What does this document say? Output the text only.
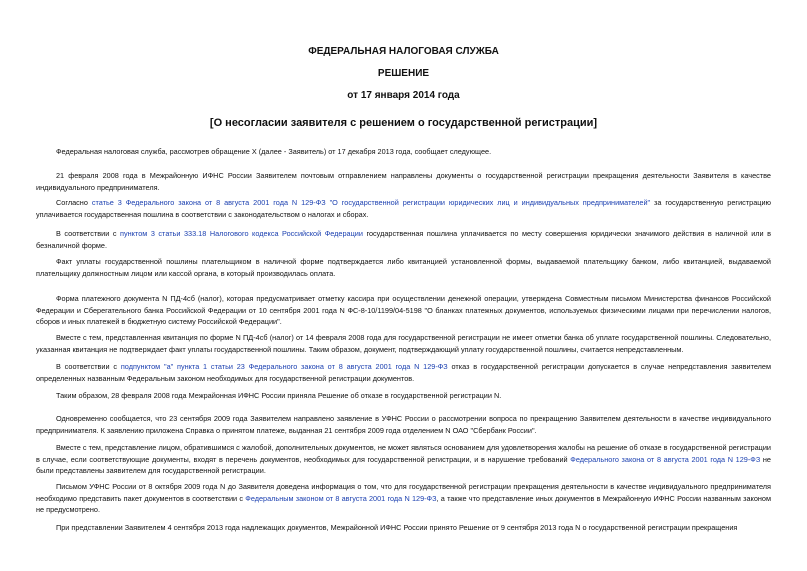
ФЕДЕРАЛЬНАЯ НАЛОГОВАЯ СЛУЖБА
РЕШЕНИЕ
от 17 января 2014 года
[О несогласии заявителя с решением о государственной регистрации]
Федеральная налоговая служба, рассмотрев обращение X (далее - Заявитель) от 17 декабря 2013 года, сообщает следующее.
21 февраля 2008 года в Межрайонную ИФНС России Заявителем почтовым отправлением направлены документы о государственной регистрации прекращения деятельности Заявителя в качестве индивидуального предпринимателя.
Согласно статье 3 Федерального закона от 8 августа 2001 года N 129-ФЗ "О государственной регистрации юридических лиц и индивидуальных предпринимателей" за государственную регистрацию уплачивается государственная пошлина в соответствии с законодательством о налогах и сборах.
В соответствии с пунктом 3 статьи 333.18 Налогового кодекса Российской Федерации государственная пошлина уплачивается по месту совершения юридически значимого действия в наличной или в безналичной форме.
Факт уплаты государственной пошлины плательщиком в наличной форме подтверждается либо квитанцией установленной формы, выдаваемой плательщику банком, либо квитанцией, выдаваемой плательщику должностным лицом или кассой органа, в который производилась оплата.
Форма платежного документа N ПД-4сб (налог), которая предусматривает отметку кассира при осуществлении денежной операции, утверждена Совместным письмом Министерства финансов Российской Федерации и Сберегательного банка Российской Федерации от 10 сентября 2001 года N ФС-8-10/1199/04-5198 "О бланках платежных документов, используемых физическими лицами при перечислении налогов, сборов и иных платежей в бюджетную систему Российской Федерации".
Вместе с тем, представленная квитанция по форме N ПД-4сб (налог) от 14 февраля 2008 года для государственной регистрации не имеет отметки банка об уплате государственной пошлины. Следовательно, указанная квитанция не подтверждает факт уплаты государственной пошлины. Таким образом, документ, подтверждающий уплату государственной пошлины, считается непредставленным.
В соответствии с подпунктом "а" пункта 1 статьи 23 Федерального закона от 8 августа 2001 года N 129-ФЗ отказ в государственной регистрации допускается в случае непредставления заявителем определенных названным Федеральным законом необходимых для государственной регистрации документов.
Таким образом, 28 февраля 2008 года Межрайонная ИФНС России приняла Решение об отказе в государственной регистрации N.
Одновременно сообщается, что 23 сентября 2009 года Заявителем направлено заявление в УФНС России о рассмотрении вопроса по прекращению Заявителем деятельности в качестве индивидуального предпринимателя. К заявлению приложена Справка о принятом платеже, выданная 21 сентября 2009 года отделением N ОАО "Сбербанк России".
Вместе с тем, представление лицом, обратившимся с жалобой, дополнительных документов, не может являться основанием для удовлетворения жалобы на решение об отказе в государственной регистрации в случае, если соответствующие документы, входят в перечень документов, необходимых для государственной регистрации, и в нарушение требований Федерального закона от 8 августа 2001 года N 129-ФЗ не были представлены заявителем для государственной регистрации.
Письмом УФНС России от 8 октября 2009 года N до Заявителя доведена информация о том, что для государственной регистрации прекращения деятельности в качестве индивидуального предпринимателя необходимо представить пакет документов в соответствии с Федеральным законом от 8 августа 2001 года N 129-ФЗ, а также что представление иных документов в Межрайонную ИФНС России названным законом не предусмотрено.
При представлении Заявителем 4 сентября 2013 года надлежащих документов, Межрайонной ИФНС России принято Решение от 9 сентября 2013 года N о государственной регистрации прекращения
